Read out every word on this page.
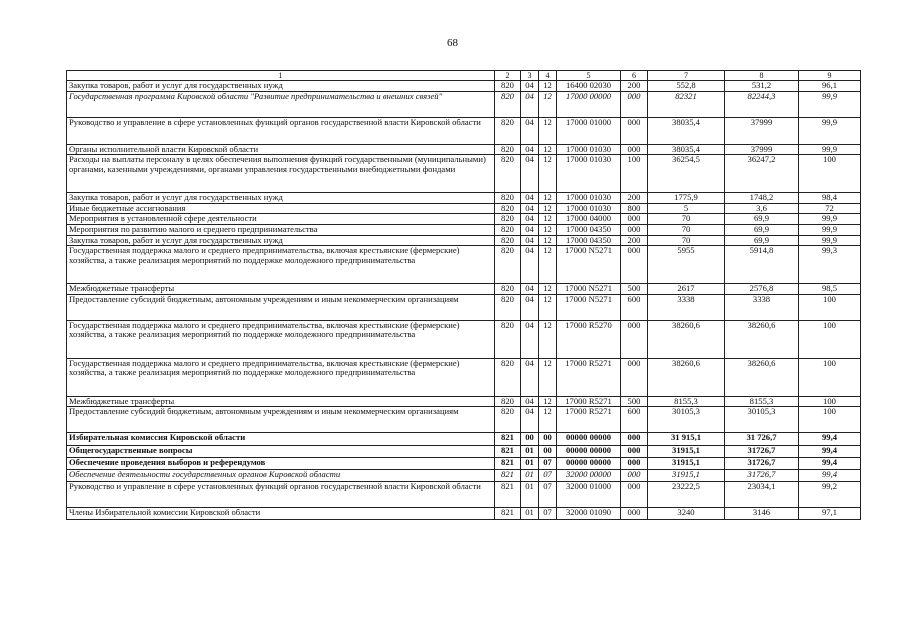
68
1	2	3	4	5	6	7	8	9
Закупка товаров, работ и услуг для государственных нужд	820	04	12	16400 02030	200	552,8	531,2	96,1
Государственная программа Кировской области "Развитие предпринимательства и внешних связей"	820	04	12	17000 00000	000	82321	82244,3	99,9
Руководство и управление в сфере установленных функций органов государственной власти Кировской области	820	04	12	17000 01000	000	38035,4	37999	99,9
Органы исполнительной власти Кировской области	820	04	12	17000 01030	000	38035,4	37999	99,9
Расходы на выплаты персоналу в целях обеспечения выполнения функций государственными (муниципальными) органами, казенными учреждениями, органами управления государственными внебюджетными фондами	820	04	12	17000 01030	100	36254,5	36247,2	100
Закупка товаров, работ и услуг для государственных нужд	820	04	12	17000 01030	200	1775,9	1748,2	98,4
Иные бюджетные ассигнования	820	04	12	17000 01030	800	5	3,6	72
Мероприятия в установленной сфере деятельности	820	04	12	17000 04000	000	70	69,9	99,9
Мероприятия по развитию малого и среднего предпринимательства	820	04	12	17000 04350	000	70	69,9	99,9
Закупка товаров, работ и услуг для государственных нужд	820	04	12	17000 04350	200	70	69,9	99,9
Государственная поддержка малого и среднего предпринимательства, включая крестьянские (фермерские) хозяйства, а также реализация мероприятий по поддержке молодежного предпринимательства	820	04	12	17000 N5271	000	5955	5914,8	99,3
Межбюджетные трансферты	820	04	12	17000 N5271	500	2617	2576,8	98,5
Предоставление субсидий бюджетным, автономным учреждениям и иным некоммерческим организациям	820	04	12	17000 N5271	600	3338	3338	100
Государственная поддержка малого и среднего предпринимательства, включая крестьянские (фермерские) хозяйства, а также реализация мероприятий по поддержке молодежного предпринимательства	820	04	12	17000 R5270	000	38260,6	38260,6	100
Государственная поддержка малого и среднего предпринимательства, включая крестьянские (фермерские) хозяйства, а также реализация мероприятий по поддержке молодежного предпринимательства	820	04	12	17000 R5271	000	38260,6	38260,6	100
Межбюджетные трансферты	820	04	12	17000 R5271	500	8155,3	8155,3	100
Предоставление субсидий бюджетным, автономным учреждениям и иным некоммерческим организациям	820	04	12	17000 R5271	600	30105,3	30105,3	100
Избирательная комиссия Кировской области	821	00	00	00000 00000	000	31 915,1	31 726,7	99,4
Общегосударственные вопросы	821	01	00	00000 00000	000	31915,1	31726,7	99,4
Обеспечение проведения выборов и референдумов	821	01	07	00000 00000	000	31915,1	31726,7	99,4
Обеспечение деятельности государственных органов Кировской области	821	01	07	32000 00000	000	31915,1	31726,7	99,4
Руководство и управление в сфере установленных функций органов государственной власти Кировской области	821	01	07	32000 01000	000	23222,5	23034,1	99,2
Члены Избирательной комиссии Кировской области	821	01	07	32000 01090	000	3240	3146	97,1
